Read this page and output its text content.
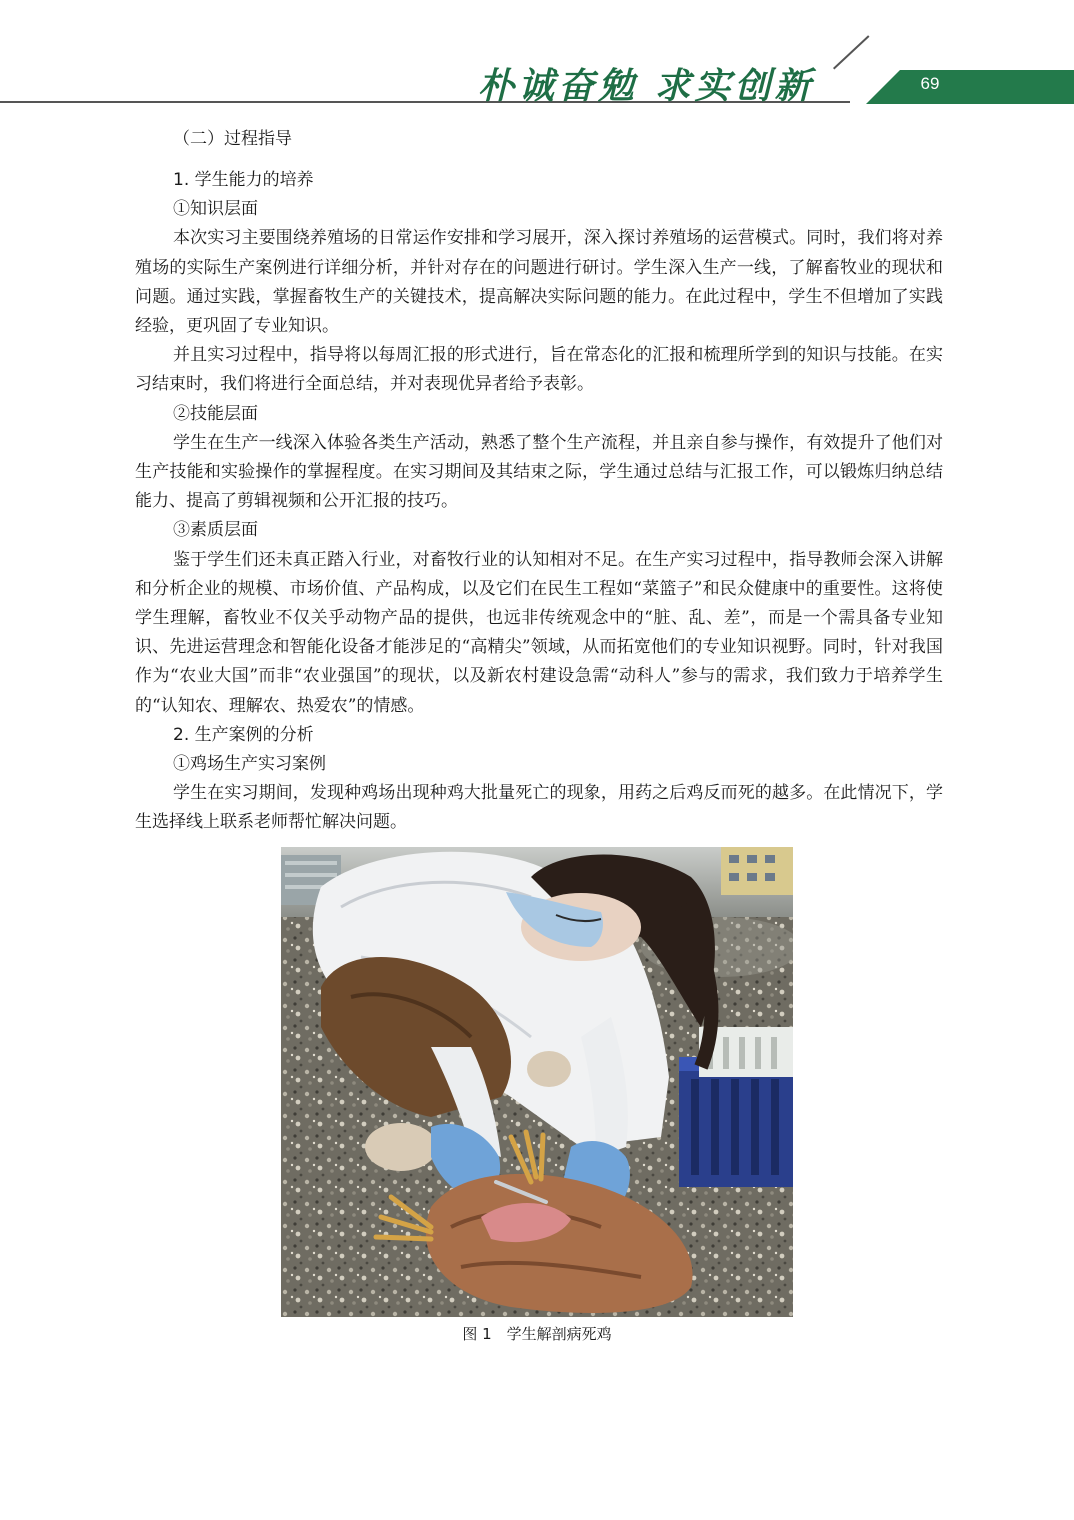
朴诚奋勉 求实创新	69
（二）过程指导
1. 学生能力的培养
①知识层面

本次实习主要围绕养殖场的日常运作安排和学习展开，深入探讨养殖场的运营模式。同时，我们将对养殖场的实际生产案例进行详细分析，并针对存在的问题进行研讨。学生深入生产一线，了解畜牧业的现状和问题。通过实践，掌握畜牧生产的关键技术，提高解决实际问题的能力。在此过程中，学生不但增加了实践经验，更巩固了专业知识。

并且实习过程中，指导将以每周汇报的形式进行，旨在常态化的汇报和梳理所学到的知识与技能。在实习结束时，我们将进行全面总结，并对表现优异者给予表彰。

②技能层面

学生在生产一线深入体验各类生产活动，熟悉了整个生产流程，并且亲自参与操作，有效提升了他们对生产技能和实验操作的掌握程度。在实习期间及其结束之际，学生通过总结与汇报工作，可以锻炼归纳总结能力、提高了剪辑视频和公开汇报的技巧。

③素质层面

鉴于学生们还未真正踏入行业，对畜牧行业的认知相对不足。在生产实习过程中，指导教师会深入讲解和分析企业的规模、市场价值、产品构成，以及它们在民生工程如“菜篮子”和民众健康中的重要性。这将使学生理解，畜牧业不仅关乎动物产品的提供，也远非传统观念中的“脏、乱、差”，而是一个需具备专业知识、先进运营理念和智能化设备才能涉足的“高精尖”领域，从而拓宽他们的专业知识视野。同时，针对我国作为“农业大国”而非“农业强国”的现状，以及新农村建设急需“动科人”参与的需求，我们致力于培养学生的“认知农、理解农、热爱农”的情感。

2. 生产案例的分析
①鸡场生产实习案例

学生在实习期间，发现种鸡场出现种鸡大批量死亡的现象，用药之后鸡反而死的越多。在此情况下，学生选择线上联系老师帮忙解决问题。

图 1　学生解剖病死鸡
